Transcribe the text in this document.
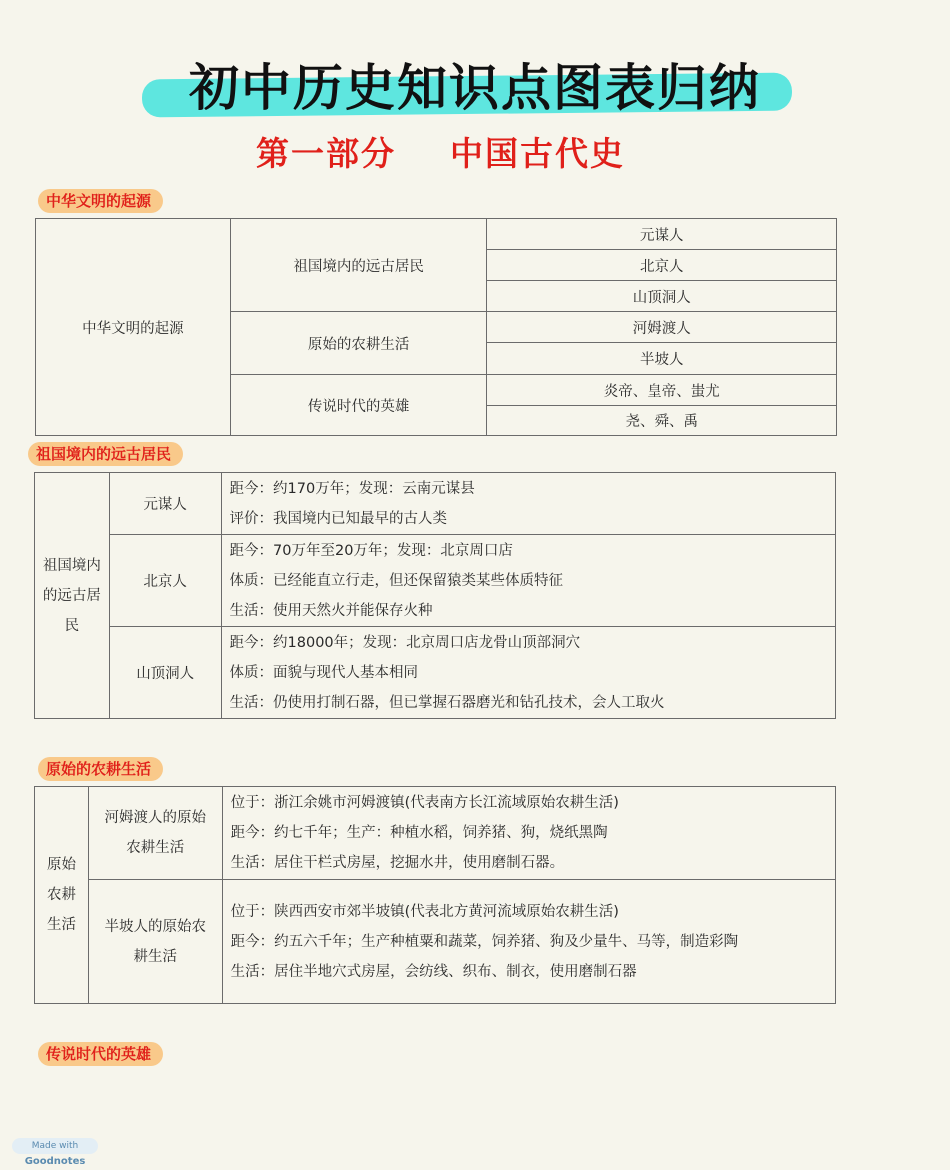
初中历史知识点图表归纳
第一部分    中国古代史
中华文明的起源
中华文明的起源	祖国境内的远古居民	元谋人
		北京人
		山顶洞人
	原始的农耕生活	河姆渡人
		半坡人
	传说时代的英雄	炎帝、皇帝、蚩尤
		尧、舜、禹
祖国境内的远古居民
祖国境内的远古居民	元谋人	距今：约170万年；发现：云南元谋县
评价：我国境内已知最早的古人类

	北京人	距今：70万年至20万年；发现：北京周口店
体质：已经能直立行走，但还保留猿类某些体质特征
生活：使用天然火并能保存火种

	山顶洞人	距今：约18000年；发现：北京周口店龙骨山顶部洞穴
体质：面貌与现代人基本相同
生活：仍使用打制石器，但已掌握石器磨光和钻孔技术，会人工取火
原始的农耕生活
原始农耕生活	河姆渡人的原始农耕生活	位于：浙江余姚市河姆渡镇(代表南方长江流域原始农耕生活)
距今：约七千年；生产：种植水稻，饲养猪、狗，烧纸黑陶
生活：居住干栏式房屋，挖掘水井，使用磨制石器。

	半坡人的原始农耕生活	位于：陕西西安市郊半坡镇(代表北方黄河流域原始农耕生活)
距今：约五六千年；生产种植粟和蔬菜，饲养猪、狗及少量牛、马等，制造彩陶
生活：居住半地穴式房屋，会纺线、织布、制衣，使用磨制石器
传说时代的英雄
Made with Goodnotes
